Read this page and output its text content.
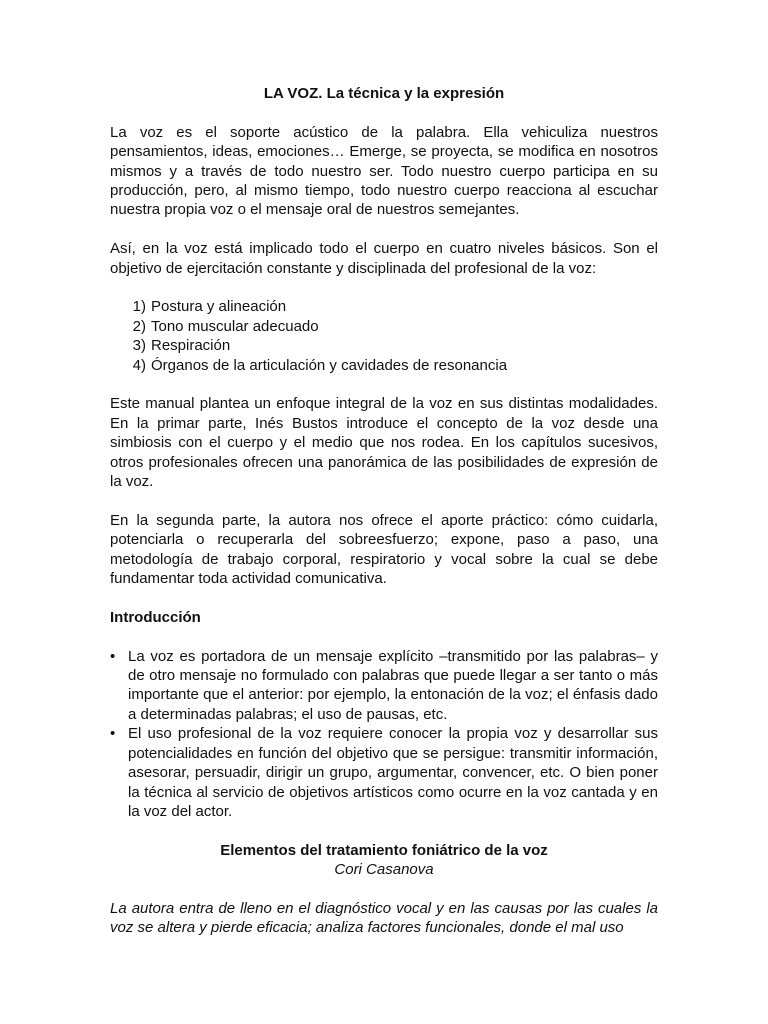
LA VOZ. La técnica y la expresión

La voz es el soporte acústico de la palabra. Ella vehiculiza nuestros pensamientos, ideas, emociones… Emerge, se proyecta, se modifica en nosotros mismos y a través de todo nuestro ser. Todo nuestro cuerpo participa en su producción, pero, al mismo tiempo, todo nuestro cuerpo reacciona al escuchar nuestra propia voz o el mensaje oral de nuestros semejantes.

Así, en la voz está implicado todo el cuerpo en cuatro niveles básicos. Son el objetivo de ejercitación constante y disciplinada del profesional de la voz:

1) Postura y alineación
2) Tono muscular adecuado
3) Respiración
4) Órganos de la articulación y cavidades de resonancia

Este manual plantea un enfoque integral de la voz en sus distintas modalidades. En la primar parte, Inés Bustos introduce el concepto de la voz desde una simbiosis con el cuerpo y el medio que nos rodea. En los capítulos sucesivos, otros profesionales ofrecen una panorámica de las posibilidades de expresión de la voz.

En la segunda parte, la autora nos ofrece el aporte práctico: cómo cuidarla, potenciarla o recuperarla del sobreesfuerzo; expone, paso a paso, una metodología de trabajo corporal, respiratorio y vocal sobre la cual se debe fundamentar toda actividad comunicativa.

Introducción

• La voz es portadora de un mensaje explícito –transmitido por las palabras– y de otro mensaje no formulado con palabras que puede llegar a ser tanto o más importante que el anterior: por ejemplo, la entonación de la voz; el énfasis dado a determinadas palabras; el uso de pausas, etc.
• El uso profesional de la voz requiere conocer la propia voz y desarrollar sus potencialidades en función del objetivo que se persigue: transmitir información, asesorar, persuadir, dirigir un grupo, argumentar, convencer, etc. O bien poner la técnica al servicio de objetivos artísticos como ocurre en la voz cantada y en la voz del actor.

Elementos del tratamiento foniátrico de la voz

Cori Casanova

La autora entra de lleno en el diagnóstico vocal y en las causas por las cuales la voz se altera y pierde eficacia; analiza factores funcionales, donde el mal uso
